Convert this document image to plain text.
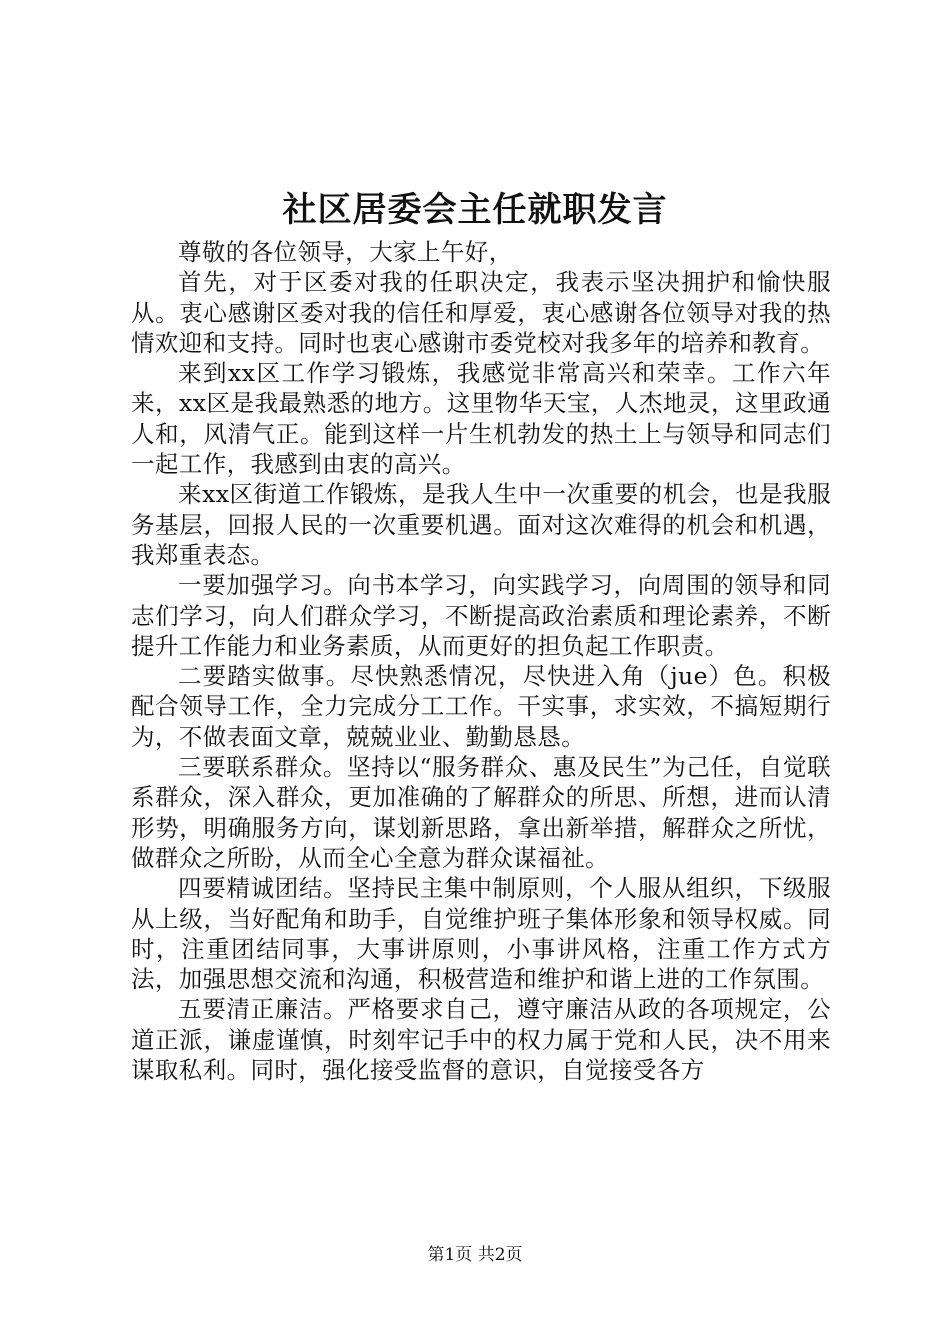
社区居委会主任就职发言

尊敬的各位领导，大家上午好，

首先，对于区委对我的任职决定，我表示坚决拥护和愉快服从。衷心感谢区委对我的信任和厚爱，衷心感谢各位领导对我的热情欢迎和支持。同时也衷心感谢市委党校对我多年的培养和教育。

来到xx区工作学习锻炼，我感觉非常高兴和荣幸。工作六年来，xx区是我最熟悉的地方。这里物华天宝，人杰地灵，这里政通人和，风清气正。能到这样一片生机勃发的热土上与领导和同志们一起工作，我感到由衷的高兴。

来xx区街道工作锻炼，是我人生中一次重要的机会，也是我服务基层，回报人民的一次重要机遇。面对这次难得的机会和机遇，我郑重表态。

一要加强学习。向书本学习，向实践学习，向周围的领导和同志们学习，向人们群众学习，不断提高政治素质和理论素养，不断提升工作能力和业务素质，从而更好的担负起工作职责。

二要踏实做事。尽快熟悉情况，尽快进入角（jue）色。积极配合领导工作，全力完成分工工作。干实事，求实效，不搞短期行为，不做表面文章，兢兢业业、勤勤恳恳。

三要联系群众。坚持以“服务群众、惠及民生”为己任，自觉联系群众，深入群众，更加准确的了解群众的所思、所想，进而认清形势，明确服务方向，谋划新思路，拿出新举措，解群众之所忧，做群众之所盼，从而全心全意为群众谋福祉。

四要精诚团结。坚持民主集中制原则，个人服从组织，下级服从上级，当好配角和助手，自觉维护班子集体形象和领导权威。同时，注重团结同事，大事讲原则，小事讲风格，注重工作方式方法，加强思想交流和沟通，积极营造和维护和谐上进的工作氛围。

五要清正廉洁。严格要求自己，遵守廉洁从政的各项规定，公道正派，谦虚谨慎，时刻牢记手中的权力属于党和人民，决不用来谋取私利。同时，强化接受监督的意识，自觉接受各方

第1页 共2页
